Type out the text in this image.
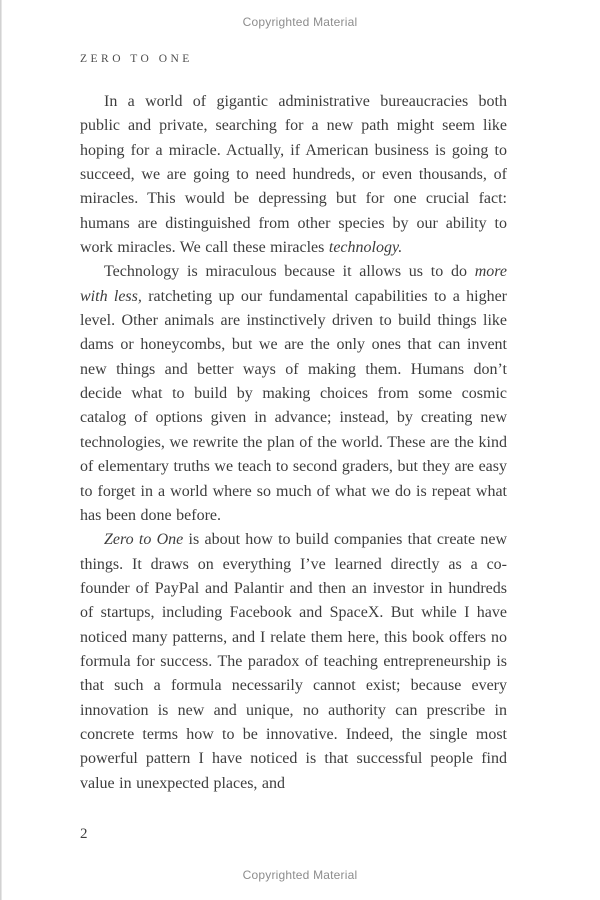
Copyrighted Material
ZERO TO ONE

In a world of gigantic administrative bureaucracies both public and private, searching for a new path might seem like hoping for a miracle. Actually, if American business is going to succeed, we are going to need hundreds, or even thousands, of miracles. This would be depressing but for one crucial fact: humans are distinguished from other species by our ability to work miracles. We call these miracles technology.

Technology is miraculous because it allows us to do more with less, ratcheting up our fundamental capabilities to a higher level. Other animals are instinctively driven to build things like dams or honeycombs, but we are the only ones that can invent new things and better ways of making them. Humans don’t decide what to build by making choices from some cosmic catalog of options given in advance; instead, by creating new technologies, we rewrite the plan of the world. These are the kind of elementary truths we teach to second graders, but they are easy to forget in a world where so much of what we do is repeat what has been done before.

Zero to One is about how to build companies that create new things. It draws on everything I’ve learned directly as a co-founder of PayPal and Palantir and then an investor in hundreds of startups, including Facebook and SpaceX. But while I have noticed many patterns, and I relate them here, this book offers no formula for success. The paradox of teaching entrepreneurship is that such a formula necessarily cannot exist; because every innovation is new and unique, no authority can prescribe in concrete terms how to be innovative. Indeed, the single most powerful pattern I have noticed is that successful people find value in unexpected places, and

2
Copyrighted Material
